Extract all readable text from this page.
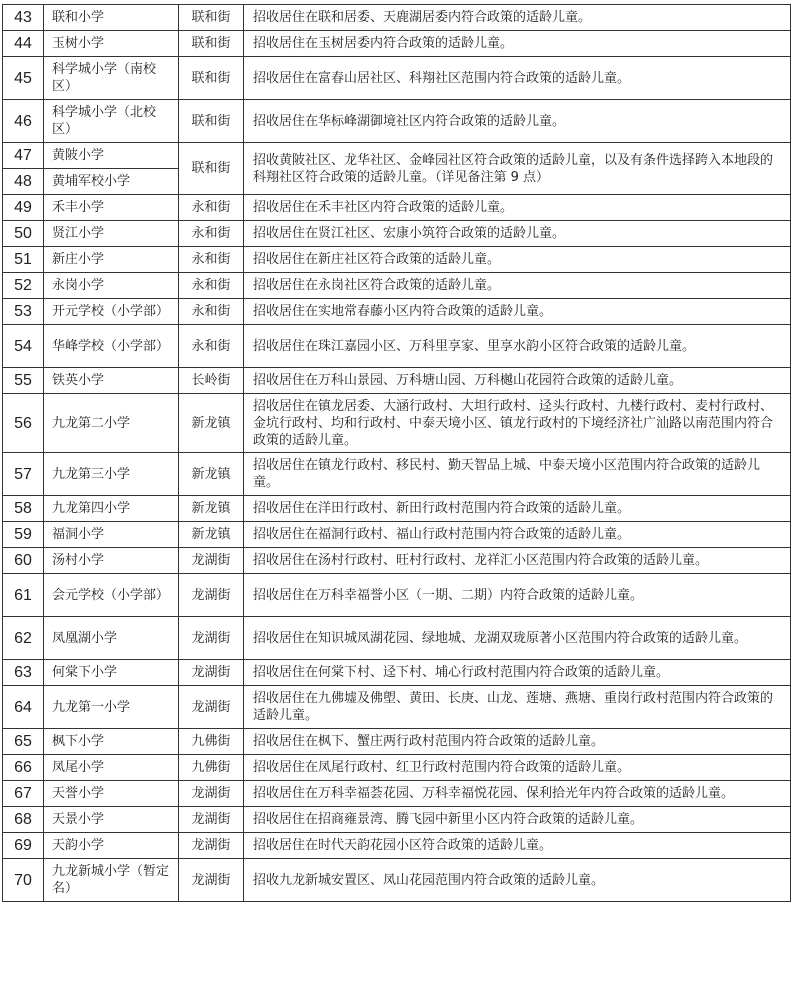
43	联和小学	联和街	招收居住在联和居委、天鹿湖居委内符合政策的适龄儿童。
44	玉树小学	联和街	招收居住在玉树居委内符合政策的适龄儿童。
45	科学城小学（南校区）	联和街	招收居住在富春山居社区、科翔社区范围内符合政策的适龄儿童。
46	科学城小学（北校区）	联和街	招收居住在华标峰湖御境社区内符合政策的适龄儿童。
47	黄陂小学	联和街	招收黄陂社区、龙华社区、金峰园社区符合政策的适龄儿童，以及有条件选择跨入本地段的科翔社区符合政策的适龄儿童。（详见备注第 9 点）
48	黄埔军校小学		
49	禾丰小学	永和街	招收居住在禾丰社区内符合政策的适龄儿童。
50	贤江小学	永和街	招收居住在贤江社区、宏康小筑符合政策的适龄儿童。
51	新庄小学	永和街	招收居住在新庄社区符合政策的适龄儿童。
52	永岗小学	永和街	招收居住在永岗社区符合政策的适龄儿童。
53	开元学校（小学部）	永和街	招收居住在实地常春藤小区内符合政策的适龄儿童。
54	华峰学校（小学部）	永和街	招收居住在珠江嘉园小区、万科里享家、里享水韵小区符合政策的适龄儿童。
55	铁英小学	长岭街	招收居住在万科山景园、万科塘山园、万科樾山花园符合政策的适龄儿童。
56	九龙第二小学	新龙镇	招收居住在镇龙居委、大涵行政村、大坦行政村、迳头行政村、九楼行政村、麦村行政村、金坑行政村、均和行政村、中泰天境小区、镇龙行政村的下境经济社广汕路以南范围内符合政策的适龄儿童。
57	九龙第三小学	新龙镇	招收居住在镇龙行政村、移民村、勤天智品上城、中泰天境小区范围内符合政策的适龄儿童。
58	九龙第四小学	新龙镇	招收居住在洋田行政村、新田行政村范围内符合政策的适龄儿童。
59	福洞小学	新龙镇	招收居住在福洞行政村、福山行政村范围内符合政策的适龄儿童。
60	汤村小学	龙湖街	招收居住在汤村行政村、旺村行政村、龙祥汇小区范围内符合政策的适龄儿童。
61	会元学校（小学部）	龙湖街	招收居住在万科幸福誉小区（一期、二期）内符合政策的适龄儿童。
62	凤凰湖小学	龙湖街	招收居住在知识城凤湖花园、绿地城、龙湖双珑原著小区范围内符合政策的适龄儿童。
63	何棠下小学	龙湖街	招收居住在何棠下村、迳下村、埔心行政村范围内符合政策的适龄儿童。
64	九龙第一小学	龙湖街	招收居住在九佛墟及佛塱、黄田、长庚、山龙、莲塘、燕塘、重岗行政村范围内符合政策的适龄儿童。
65	枫下小学	九佛街	招收居住在枫下、蟹庄两行政村范围内符合政策的适龄儿童。
66	凤尾小学	九佛街	招收居住在凤尾行政村、红卫行政村范围内符合政策的适龄儿童。
67	天誉小学	龙湖街	招收居住在万科幸福荟花园、万科幸福悦花园、保利拾光年内符合政策的适龄儿童。
68	天景小学	龙湖街	招收居住在招商雍景湾、腾飞园中新里小区内符合政策的适龄儿童。
69	天韵小学	龙湖街	招收居住在时代天韵花园小区符合政策的适龄儿童。
70	九龙新城小学（暂定名）	龙湖街	招收九龙新城安置区、凤山花园范围内符合政策的适龄儿童。
